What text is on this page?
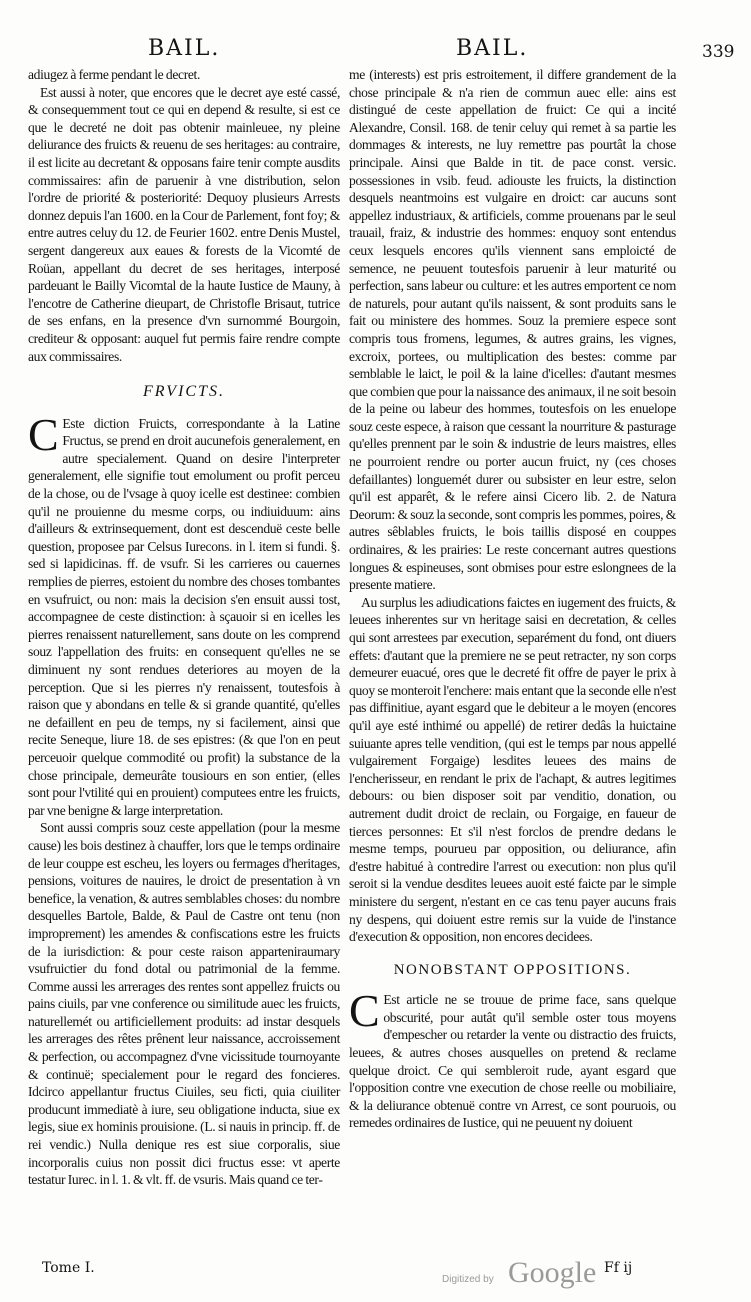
BAIL.	BAIL.	339

adiugez à ferme pendant le decret.

Est aussi à noter, que encores que le decret aye esté cassé, & consequemment tout ce qui en depend & resulte, si est ce que le decreté ne doit pas obtenir mainleuee, ny pleine deliurance des fruicts & reuenu de ses heritages: au contraire, il est licite au decretant & opposans faire tenir compte ausdits commissaires: afin de paruenir à vne distribution, selon l'ordre de priorité & posteriorité: Dequoy plusieurs Arrests donnez depuis l'an 1600. en la Cour de Parlement, font foy; & entre autres celuy du 12. de Feurier 1602. entre Denis Mustel, sergent dangereux aux eaues & forests de la Vicomté de Roüan, appellant du decret de ses heritages, interposé pardeuant le Bailly Vicomtal de la haute Iustice de Mauny, à l'encotre de Catherine dieupart, de Christofle Brisaut, tutrice de ses enfans, en la presence d'vn surnommé Bourgoin, crediteur & opposant: auquel fut permis faire rendre compte aux commissaires.

FRVICTS.

C Este diction Fruicts, correspondante à la Latine Fructus, se prend en droit aucunefois generalement, en autre specialement. Quand on desire l'interpreter generalement, elle signifie tout emolument ou profit perceu de la chose, ou de l'vsage à quoy icelle est destinee: combien qu'il ne prouienne du mesme corps, ou indiuiduum: ains d'ailleurs & extrinsequement, dont est descenduë ceste belle question, proposee par Celsus Iurecons. in l. item si fundi. §. sed si lapidicinas. ff. de vsufr. Si les carrieres ou cauernes remplies de pierres, estoient du nombre des choses tombantes en vsufruict, ou non: mais la decision s'en ensuit aussi tost, accompagnee de ceste distinction: à sçauoir si en icelles les pierres renaissent naturellement, sans doute on les comprend souz l'appellation des fruits: en consequent qu'elles ne se diminuent ny sont rendues deteriores au moyen de la perception. Que si les pierres n'y renaissent, toutesfois à raison que y abondans en telle & si grande quantité, qu'elles ne defaillent en peu de temps, ny si facilement, ainsi que recite Seneque, liure 18. de ses epistres: (& que l'on en peut perceuoir quelque commodité ou profit) la substance de la chose principale, demeurâte tousiours en son entier, (elles sont pour l'vtilité qui en prouient) computees entre les fruicts, par vne benigne & large interpretation.

Sont aussi compris souz ceste appellation (pour la mesme cause) les bois destinez à chauffer, lors que le temps ordinaire de leur couppe est escheu, les loyers ou fermages d'heritages, pensions, voitures de nauires, le droict de presentation à vn benefice, la venation, & autres semblables choses: du nombre desquelles Bartole, Balde, & Paul de Castre ont tenu (non improprement) les amendes & confiscations estre les fruicts de la iurisdiction: & pour ceste raison apparteniraumary vsufruictier du fond dotal ou patrimonial de la femme. Comme aussi les arrerages des rentes sont appellez fruicts ou pains ciuils, par vne conference ou similitude auec les fruicts, naturellemét ou artificiellement produits: ad instar desquels les arrerages des rêtes prênent leur naissance, accroissement & perfection, ou accompagnez d'vne vicissitude tournoyante & continuë; specialement pour le regard des foncieres. Idcirco appellantur fructus Ciuiles, seu ficti, quia ciuiliter producunt immediatè à iure, seu obligatione inducta, siue ex legis, siue ex hominis prouisione. (L. si nauis in princip. ff. de rei vendic.) Nulla denique res est siue corporalis, siue incorporalis cuius non possit dici fructus esse: vt aperte testatur Iurec. in l. 1. & vlt. ff. de vsuris. Mais quand ce ter-

me (interests) est pris estroitement, il differe grandement de la chose principale & n'a rien de commun auec elle: ains est distingué de ceste appellation de fruict: Ce qui a incité Alexandre, Consil. 168. de tenir celuy qui remet à sa partie les dommages & interests, ne luy remettre pas pourtât la chose principale. Ainsi que Balde in tit. de pace const. versic. possessiones in vsib. feud. adiouste les fruicts, la distinction desquels neantmoins est vulgaire en droict: car aucuns sont appellez industriaux, & artificiels, comme prouenans par le seul trauail, fraiz, & industrie des hommes: enquoy sont entendus ceux lesquels encores qu'ils viennent sans emploicté de semence, ne peuuent toutesfois paruenir à leur maturité ou perfection, sans labeur ou culture: et les autres emportent ce nom de naturels, pour autant qu'ils naissent, & sont produits sans le fait ou ministere des hommes. Souz la premiere espece sont compris tous fromens, legumes, & autres grains, les vignes, excroix, portees, ou multiplication des bestes: comme par semblable le laict, le poil & la laine d'icelles: d'autant mesmes que combien que pour la naissance des animaux, il ne soit besoin de la peine ou labeur des hommes, toutesfois on les enuelope souz ceste espece, à raison que cessant la nourriture & pasturage qu'elles prennent par le soin & industrie de leurs maistres, elles ne pourroient rendre ou porter aucun fruict, ny (ces choses defaillantes) longuemét durer ou subsister en leur estre, selon qu'il est apparêt, & le refere ainsi Cicero lib. 2. de Natura Deorum: & souz la seconde, sont compris les pommes, poires, & autres sêblables fruicts, le bois taillis disposé en couppes ordinaires, & les prairies: Le reste concernant autres questions longues & espineuses, sont obmises pour estre eslongnees de la presente matiere.

Au surplus les adiudications faictes en iugement des fruicts, & leuees inherentes sur vn heritage saisi en decretation, & celles qui sont arrestees par execution, separément du fond, ont diuers effets: d'autant que la premiere ne se peut retracter, ny son corps demeurer euacué, ores que le decreté fit offre de payer le prix à quoy se monteroit l'enchere: mais entant que la seconde elle n'est pas diffinitiue, ayant esgard que le debiteur a le moyen (encores qu'il aye esté inthimé ou appellé) de retirer dedâs la huictaine suiuante apres telle vendition, (qui est le temps par nous appellé vulgairement Forgaige) lesdites leuees des mains de l'encherisseur, en rendant le prix de l'achapt, & autres legitimes debours: ou bien disposer soit par venditio, donation, ou autrement dudit droict de reclain, ou Forgaige, en faueur de tierces personnes: Et s'il n'est forclos de prendre dedans le mesme temps, pourueu par opposition, ou deliurance, afin d'estre habitué à contredire l'arrest ou execution: non plus qu'il seroit si la vendue desdites leuees auoit esté faicte par le simple ministere du sergent, n'estant en ce cas tenu payer aucuns frais ny despens, qui doiuent estre remis sur la vuide de l'instance d'execution & opposition, non encores decidees.

NONOBSTANT OPPOSITIONS.

C Est article ne se trouue de prime face, sans quelque obscurité, pour autât qu'il semble oster tous moyens d'empescher ou retarder la vente ou distractio des fruicts, leuees, & autres choses ausquelles on pretend & reclame quelque droict. Ce qui sembleroit rude, ayant esgard que l'opposition contre vne execution de chose reelle ou mobiliaire, & la deliurance obtenuë contre vn Arrest, ce sont pouruois, ou remedes ordinaires de Iustice, qui ne peuuent ny doiuent

Tome I.	Ff ij
Digitized by Google
